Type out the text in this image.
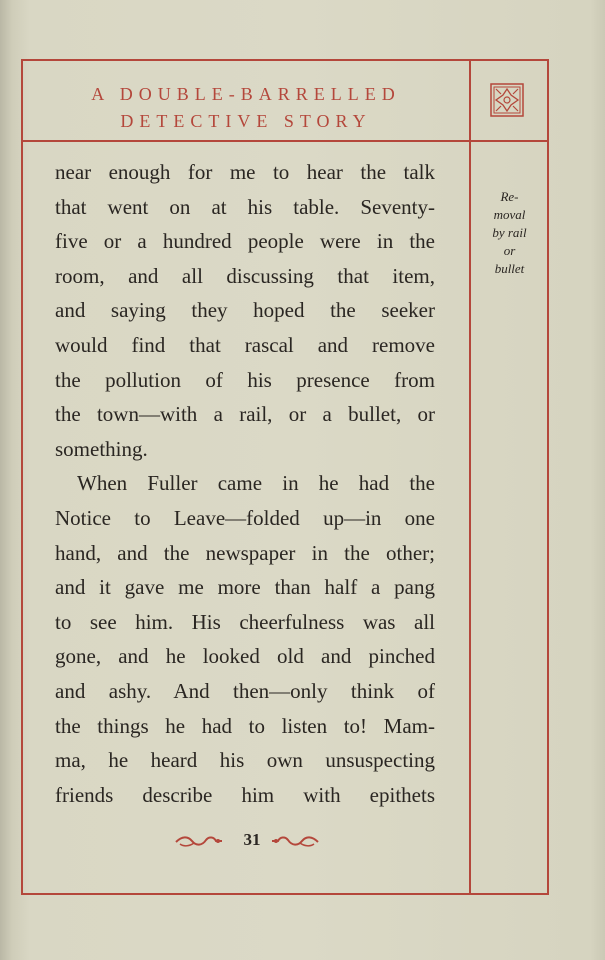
A DOUBLE-BARRELLED
DETECTIVE STORY
Re-
moval
by rail
or
bullet
near enough for me to hear the talk
that went on at his table. Seventy-
five or a hundred people were in the
room, and all discussing that item,
and saying they hoped the seeker
would find that rascal and remove
the pollution of his presence from
the town—with a rail, or a bullet, or
something.
When Fuller came in he had the
Notice to Leave—folded up—in one
hand, and the newspaper in the other;
and it gave me more than half a pang
to see him. His cheerfulness was all
gone, and he looked old and pinched
and ashy. And then—only think of
the things he had to listen to! Mam-
ma, he heard his own unsuspecting
friends describe him with epithets
31
